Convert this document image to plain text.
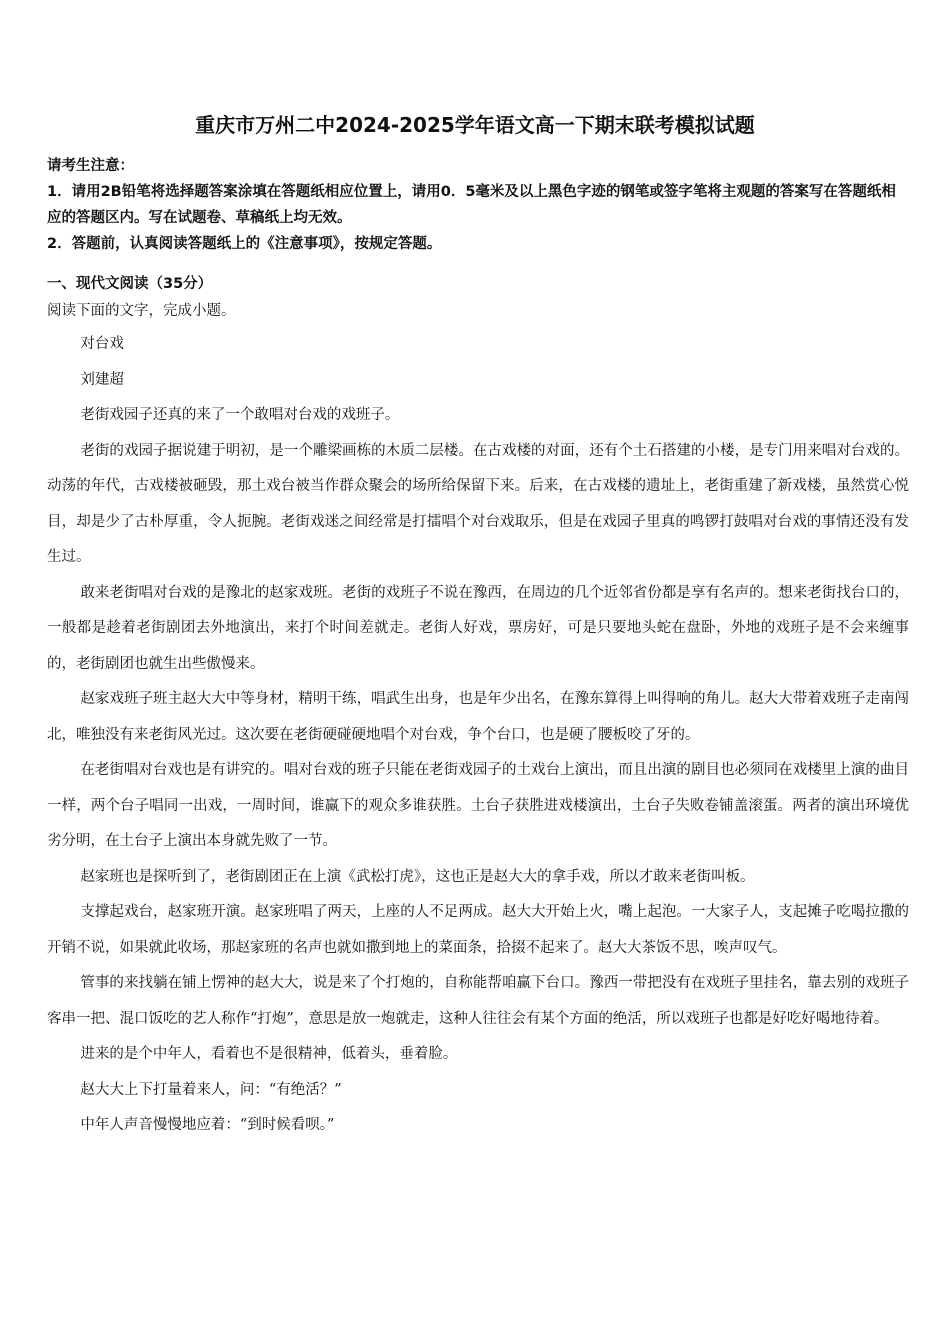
重庆市万州二中2024-2025学年语文高一下期末联考模拟试题

请考生注意：

1．请用2B铅笔将选择题答案涂填在答题纸相应位置上，请用0．5毫米及以上黑色字迹的钢笔或签字笔将主观题的答案写在答题纸相应的答题区内。写在试题卷、草稿纸上均无效。

2．答题前，认真阅读答题纸上的《注意事项》，按规定答题。

一、现代文阅读（35分）

阅读下面的文字，完成小题。

对台戏

刘建超

老街戏园子还真的来了一个敢唱对台戏的戏班子。

老街的戏园子据说建于明初，是一个雕梁画栋的木质二层楼。在古戏楼的对面，还有个土石搭建的小楼，是专门用来唱对台戏的。动荡的年代，古戏楼被砸毁，那土戏台被当作群众聚会的场所给保留下来。后来，在古戏楼的遗址上，老街重建了新戏楼，虽然赏心悦目，却是少了古朴厚重，令人扼腕。老街戏迷之间经常是打擂唱个对台戏取乐，但是在戏园子里真的鸣锣打鼓唱对台戏的事情还没有发生过。

敢来老街唱对台戏的是豫北的赵家戏班。老街的戏班子不说在豫西，在周边的几个近邻省份都是享有名声的。想来老街找台口的，一般都是趁着老街剧团去外地演出，来打个时间差就走。老街人好戏，票房好，可是只要地头蛇在盘卧，外地的戏班子是不会来缠事的，老街剧团也就生出些傲慢来。

赵家戏班子班主赵大大中等身材，精明干练，唱武生出身，也是年少出名，在豫东算得上叫得响的角儿。赵大大带着戏班子走南闯北，唯独没有来老街风光过。这次要在老街硬碰硬地唱个对台戏，争个台口，也是硬了腰板咬了牙的。

在老街唱对台戏也是有讲究的。唱对台戏的班子只能在老街戏园子的土戏台上演出，而且出演的剧目也必须同在戏楼里上演的曲目一样，两个台子唱同一出戏，一周时间，谁赢下的观众多谁获胜。土台子获胜进戏楼演出，土台子失败卷铺盖滚蛋。两者的演出环境优劣分明，在土台子上演出本身就先败了一节。

赵家班也是探听到了，老街剧团正在上演《武松打虎》，这也正是赵大大的拿手戏，所以才敢来老街叫板。

支撑起戏台，赵家班开演。赵家班唱了两天，上座的人不足两成。赵大大开始上火，嘴上起泡。一大家子人，支起摊子吃喝拉撒的开销不说，如果就此收场，那赵家班的名声也就如撒到地上的菜面条，拾掇不起来了。赵大大茶饭不思，唉声叹气。

管事的来找躺在铺上愣神的赵大大，说是来了个打炮的，自称能帮咱赢下台口。豫西一带把没有在戏班子里挂名，靠去别的戏班子客串一把、混口饭吃的艺人称作“打炮”，意思是放一炮就走，这种人往往会有某个方面的绝活，所以戏班子也都是好吃好喝地待着。

进来的是个中年人，看着也不是很精神，低着头，垂着脸。

赵大大上下打量着来人，问：“有绝活？”

中年人声音慢慢地应着：“到时候看呗。”
